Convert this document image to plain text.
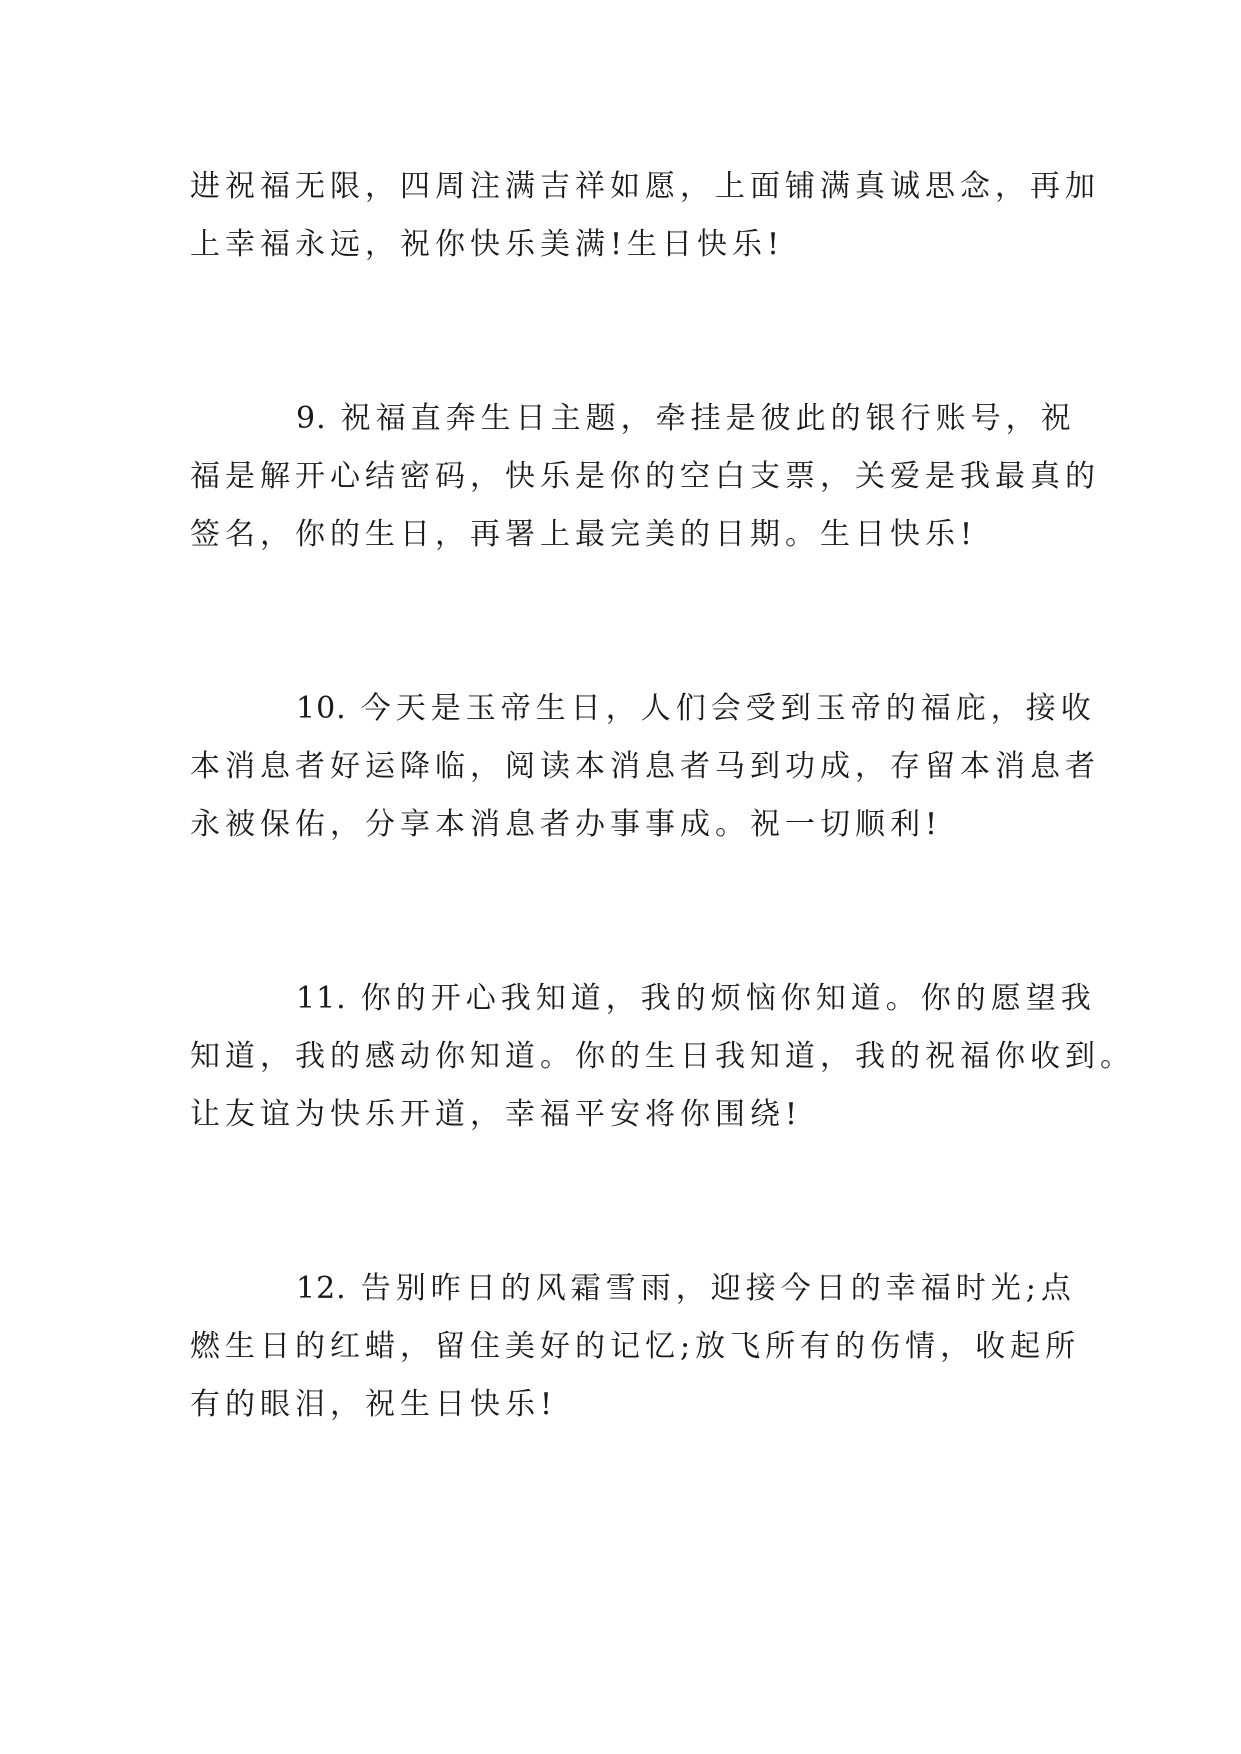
进祝福无限，四周注满吉祥如愿，上面铺满真诚思念，再加
上幸福永远，祝你快乐美满!生日快乐!
9. 祝福直奔生日主题，牵挂是彼此的银行账号，祝
福是解开心结密码，快乐是你的空白支票，关爱是我最真的
签名，你的生日，再署上最完美的日期。生日快乐!
10. 今天是玉帝生日，人们会受到玉帝的福庇，接收
本消息者好运降临，阅读本消息者马到功成，存留本消息者
永被保佑，分享本消息者办事事成。祝一切顺利!
11. 你的开心我知道，我的烦恼你知道。你的愿望我
知道，我的感动你知道。你的生日我知道，我的祝福你收到。
让友谊为快乐开道，幸福平安将你围绕!
12. 告别昨日的风霜雪雨，迎接今日的幸福时光;点
燃生日的红蜡，留住美好的记忆;放飞所有的伤情，收起所
有的眼泪，祝生日快乐!
